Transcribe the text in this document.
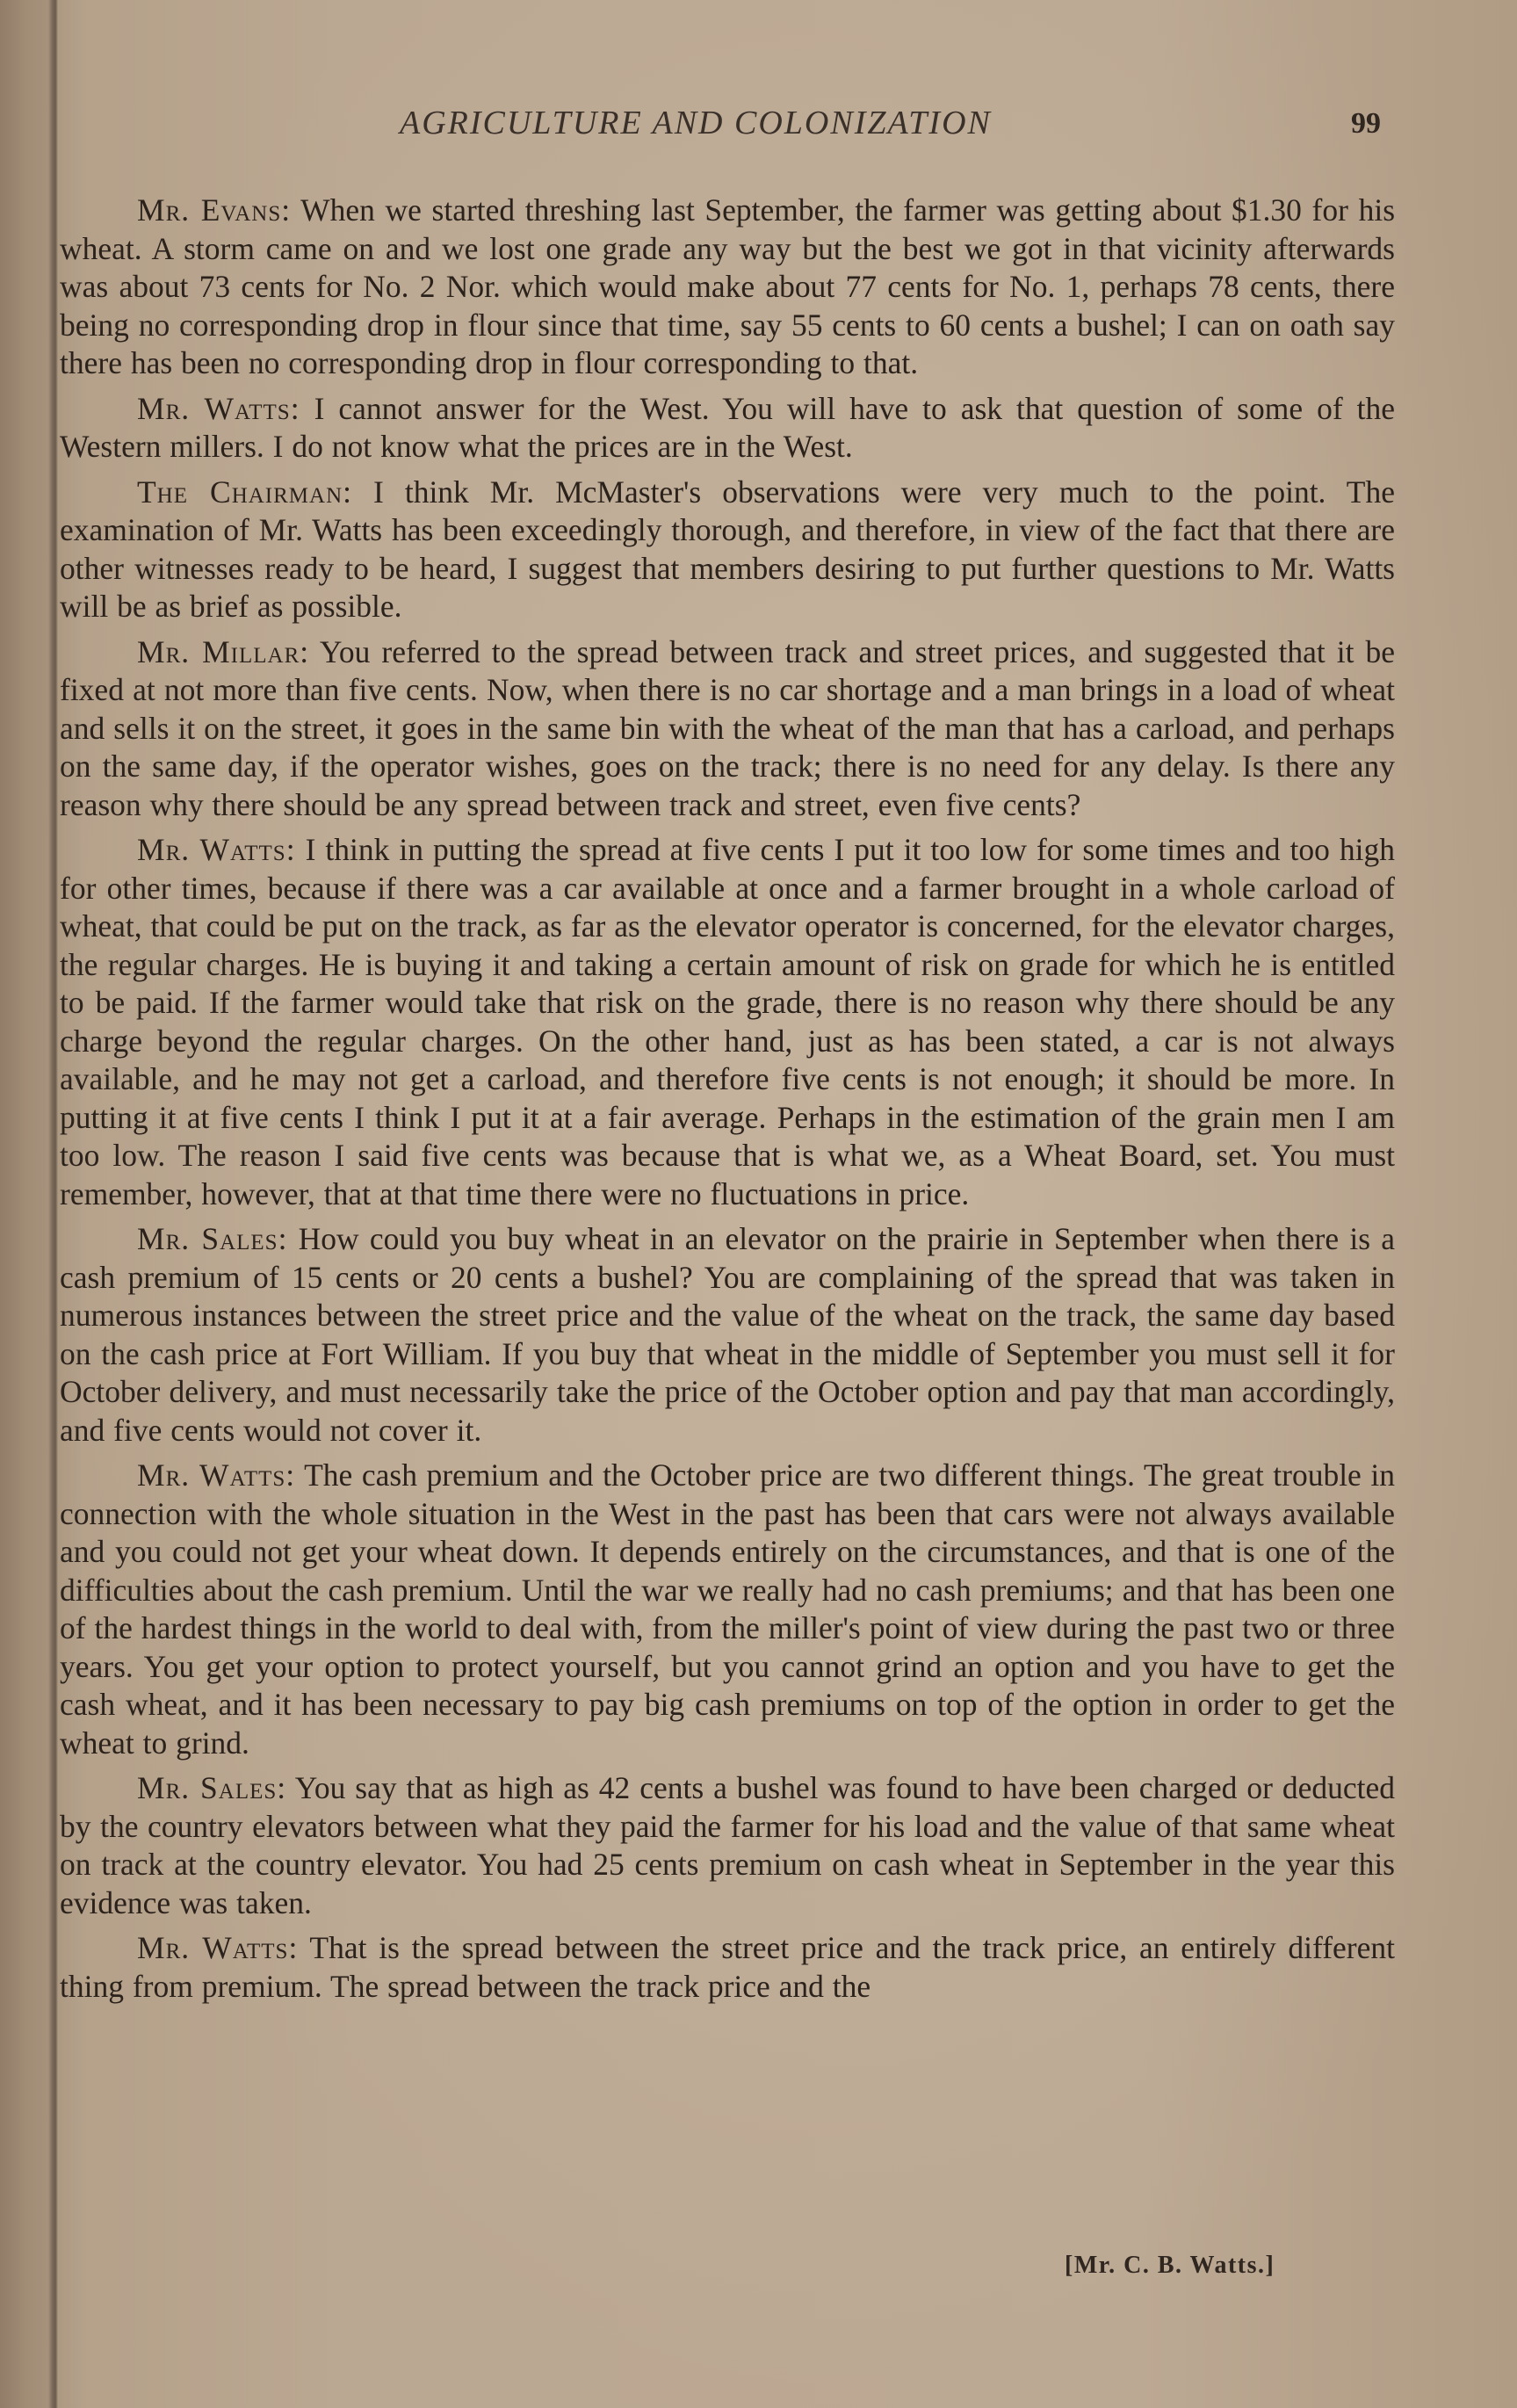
AGRICULTURE AND COLONIZATION	99

Mr. Evans: When we started threshing last September, the farmer was getting about $1.30 for his wheat. A storm came on and we lost one grade any way but the best we got in that vicinity afterwards was about 73 cents for No. 2 Nor. which would make about 77 cents for No. 1, perhaps 78 cents, there being no corresponding drop in flour since that time, say 55 cents to 60 cents a bushel; I can on oath say there has been no corresponding drop in flour corresponding to that.

Mr. Watts: I cannot answer for the West. You will have to ask that question of some of the Western millers. I do not know what the prices are in the West.

The Chairman: I think Mr. McMaster's observations were very much to the point. The examination of Mr. Watts has been exceedingly thorough, and therefore, in view of the fact that there are other witnesses ready to be heard, I suggest that members desiring to put further questions to Mr. Watts will be as brief as possible.

Mr. Millar: You referred to the spread between track and street prices, and suggested that it be fixed at not more than five cents. Now, when there is no car shortage and a man brings in a load of wheat and sells it on the street, it goes in the same bin with the wheat of the man that has a carload, and perhaps on the same day, if the operator wishes, goes on the track; there is no need for any delay. Is there any reason why there should be any spread between track and street, even five cents?

Mr. Watts: I think in putting the spread at five cents I put it too low for some times and too high for other times, because if there was a car available at once and a farmer brought in a whole carload of wheat, that could be put on the track, as far as the elevator operator is concerned, for the elevator charges, the regular charges. He is buying it and taking a certain amount of risk on grade for which he is entitled to be paid. If the farmer would take that risk on the grade, there is no reason why there should be any charge beyond the regular charges. On the other hand, just as has been stated, a car is not always available, and he may not get a carload, and therefore five cents is not enough; it should be more. In putting it at five cents I think I put it at a fair average. Perhaps in the estimation of the grain men I am too low. The reason I said five cents was because that is what we, as a Wheat Board, set. You must remember, however, that at that time there were no fluctuations in price.

Mr. Sales: How could you buy wheat in an elevator on the prairie in September when there is a cash premium of 15 cents or 20 cents a bushel? You are complaining of the spread that was taken in numerous instances between the street price and the value of the wheat on the track, the same day based on the cash price at Fort William. If you buy that wheat in the middle of September you must sell it for October delivery, and must necessarily take the price of the October option and pay that man accordingly, and five cents would not cover it.

Mr. Watts: The cash premium and the October price are two different things. The great trouble in connection with the whole situation in the West in the past has been that cars were not always available and you could not get your wheat down. It depends entirely on the circumstances, and that is one of the difficulties about the cash premium. Until the war we really had no cash premiums; and that has been one of the hardest things in the world to deal with, from the miller's point of view during the past two or three years. You get your option to protect yourself, but you cannot grind an option and you have to get the cash wheat, and it has been necessary to pay big cash premiums on top of the option in order to get the wheat to grind.

Mr. Sales: You say that as high as 42 cents a bushel was found to have been charged or deducted by the country elevators between what they paid the farmer for his load and the value of that same wheat on track at the country elevator. You had 25 cents premium on cash wheat in September in the year this evidence was taken.

Mr. Watts: That is the spread between the street price and the track price, an entirely different thing from premium. The spread between the track price and the

[Mr. C. B. Watts.]
